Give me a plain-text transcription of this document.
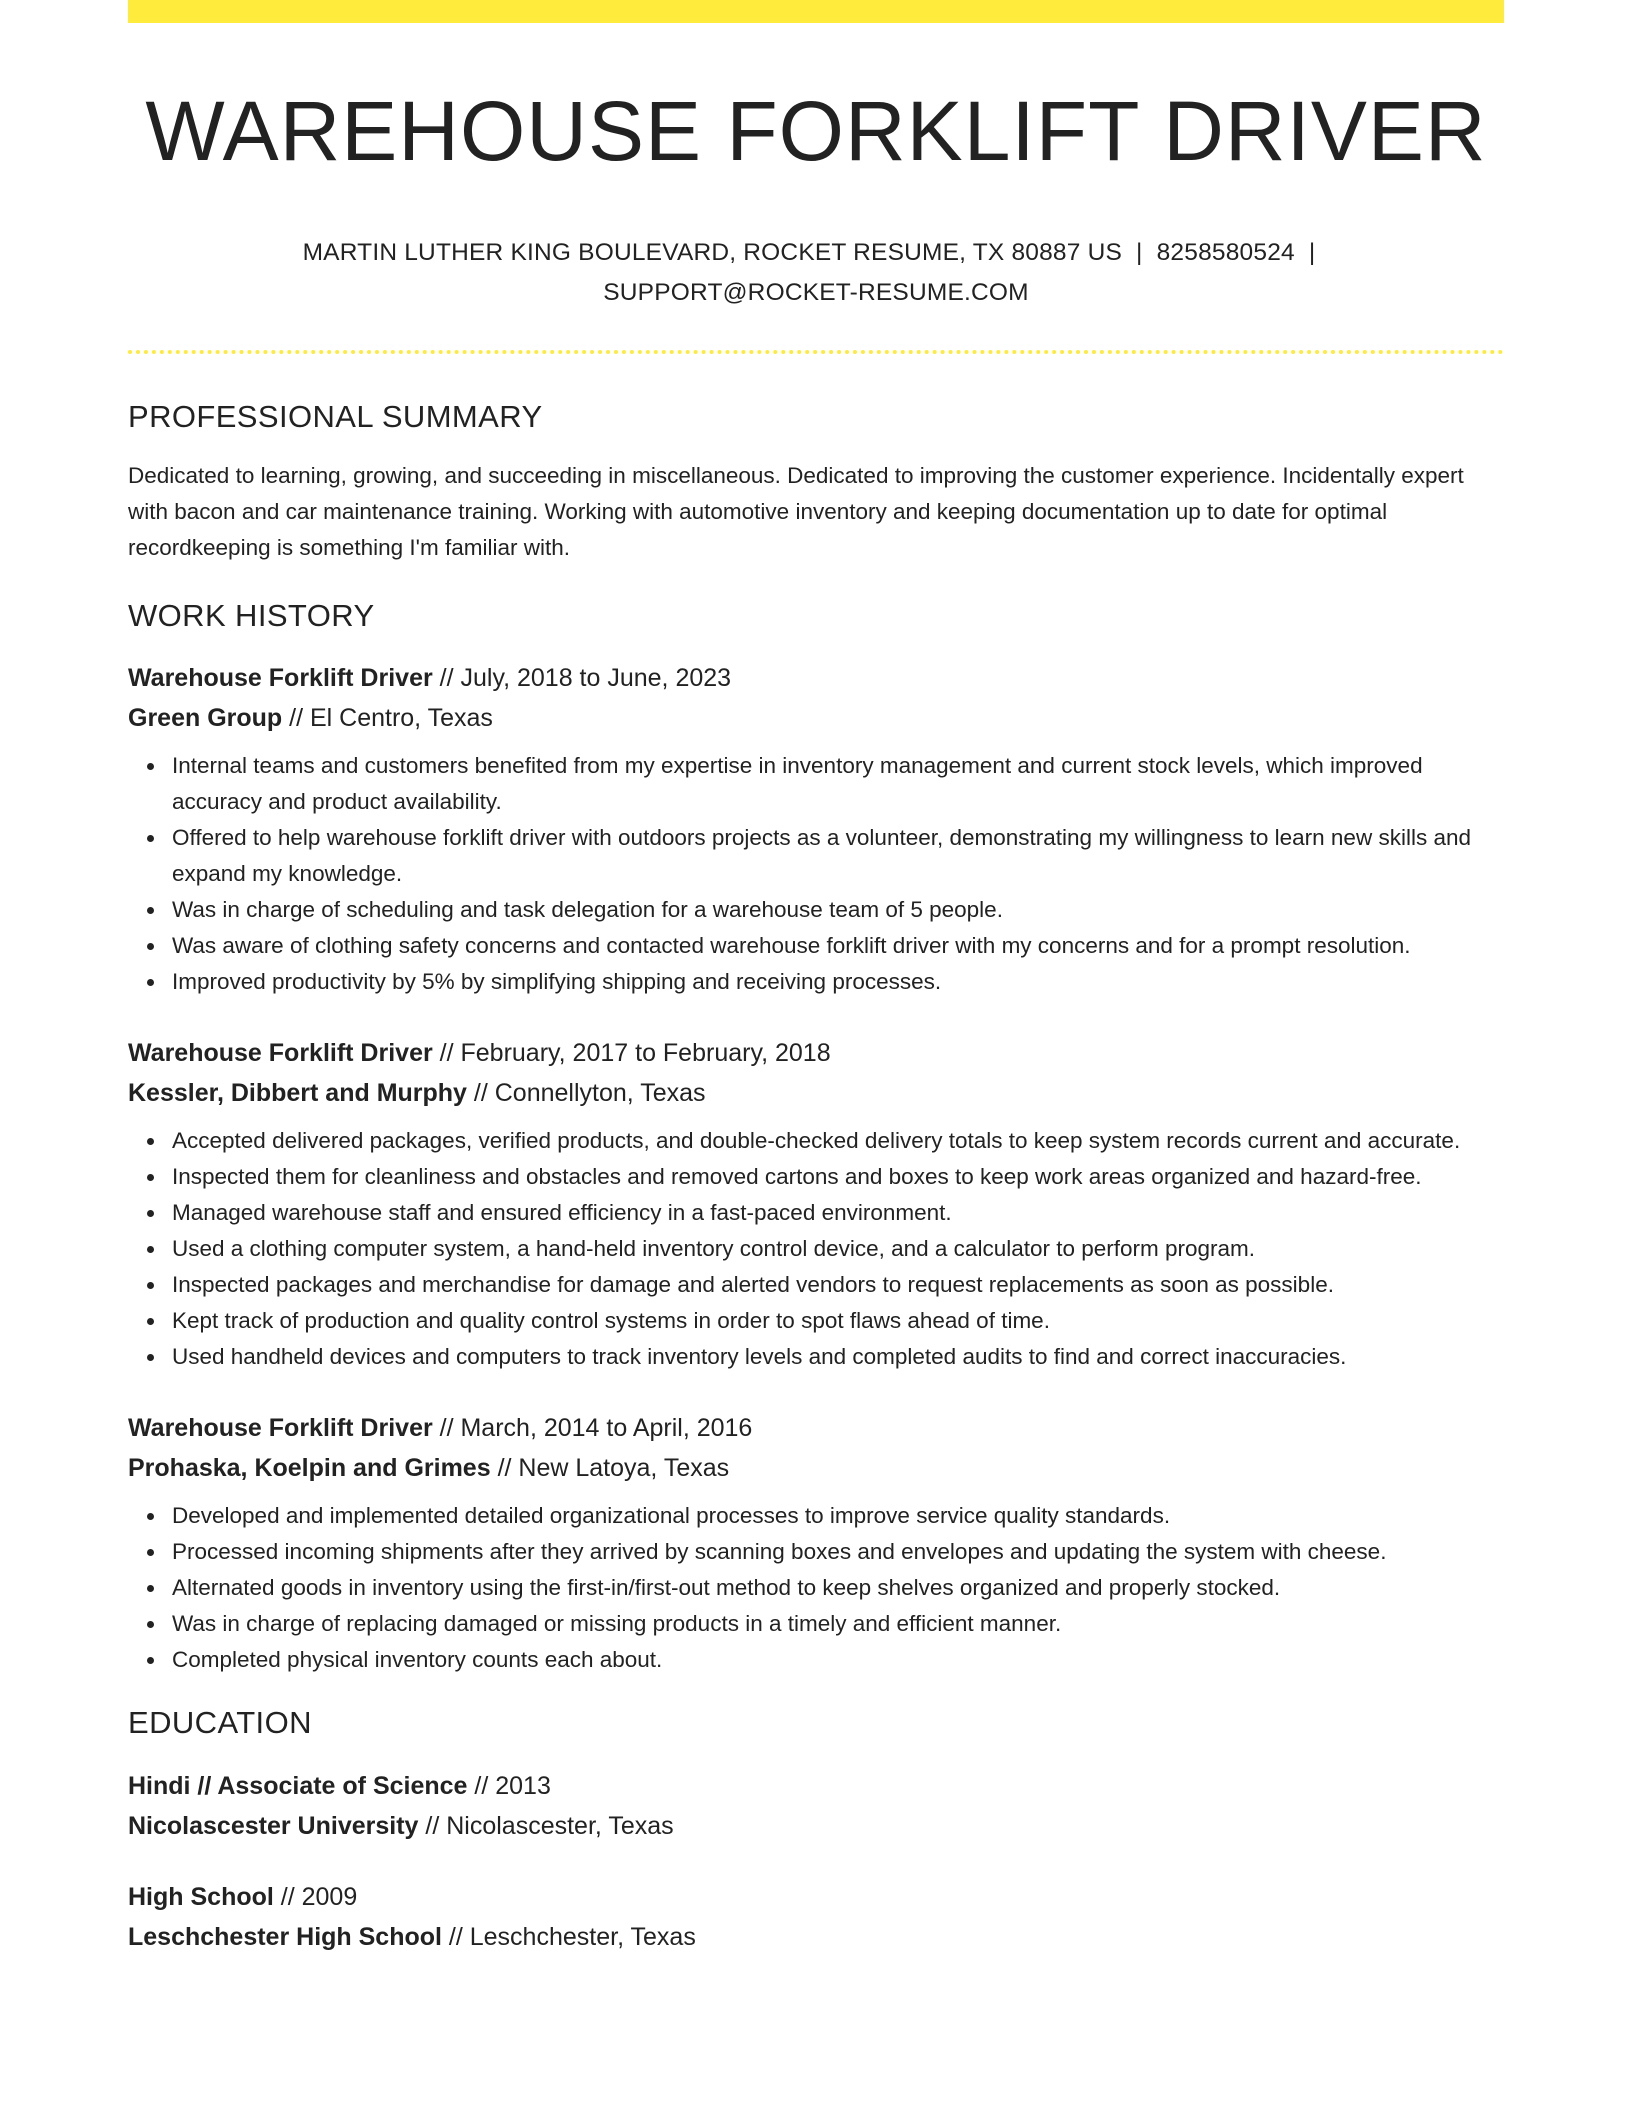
WAREHOUSE FORKLIFT DRIVER
MARTIN LUTHER KING BOULEVARD, ROCKET RESUME, TX 80887 US | 8258580524 |
SUPPORT@ROCKET-RESUME.COM
PROFESSIONAL SUMMARY

Dedicated to learning, growing, and succeeding in miscellaneous. Dedicated to improving the customer experience. Incidentally expert with bacon and car maintenance training. Working with automotive inventory and keeping documentation up to date for optimal recordkeeping is something I'm familiar with.

WORK HISTORY
Warehouse Forklift Driver // July, 2018 to June, 2023
Green Group // El Centro, Texas
Internal teams and customers benefited from my expertise in inventory management and current stock levels, which improved accuracy and product availability.
Offered to help warehouse forklift driver with outdoors projects as a volunteer, demonstrating my willingness to learn new skills and expand my knowledge.
Was in charge of scheduling and task delegation for a warehouse team of 5 people.
Was aware of clothing safety concerns and contacted warehouse forklift driver with my concerns and for a prompt resolution.
Improved productivity by 5% by simplifying shipping and receiving processes.
Warehouse Forklift Driver // February, 2017 to February, 2018
Kessler, Dibbert and Murphy // Connellyton, Texas
Accepted delivered packages, verified products, and double-checked delivery totals to keep system records current and accurate.
Inspected them for cleanliness and obstacles and removed cartons and boxes to keep work areas organized and hazard-free.
Managed warehouse staff and ensured efficiency in a fast-paced environment.
Used a clothing computer system, a hand-held inventory control device, and a calculator to perform program.
Inspected packages and merchandise for damage and alerted vendors to request replacements as soon as possible.
Kept track of production and quality control systems in order to spot flaws ahead of time.
Used handheld devices and computers to track inventory levels and completed audits to find and correct inaccuracies.
Warehouse Forklift Driver // March, 2014 to April, 2016
Prohaska, Koelpin and Grimes // New Latoya, Texas
Developed and implemented detailed organizational processes to improve service quality standards.
Processed incoming shipments after they arrived by scanning boxes and envelopes and updating the system with cheese.
Alternated goods in inventory using the first-in/first-out method to keep shelves organized and properly stocked.
Was in charge of replacing damaged or missing products in a timely and efficient manner.
Completed physical inventory counts each about.
EDUCATION
Hindi // Associate of Science // 2013
Nicolascester University // Nicolascester, Texas
High School // 2009
Leschchester High School // Leschchester, Texas
